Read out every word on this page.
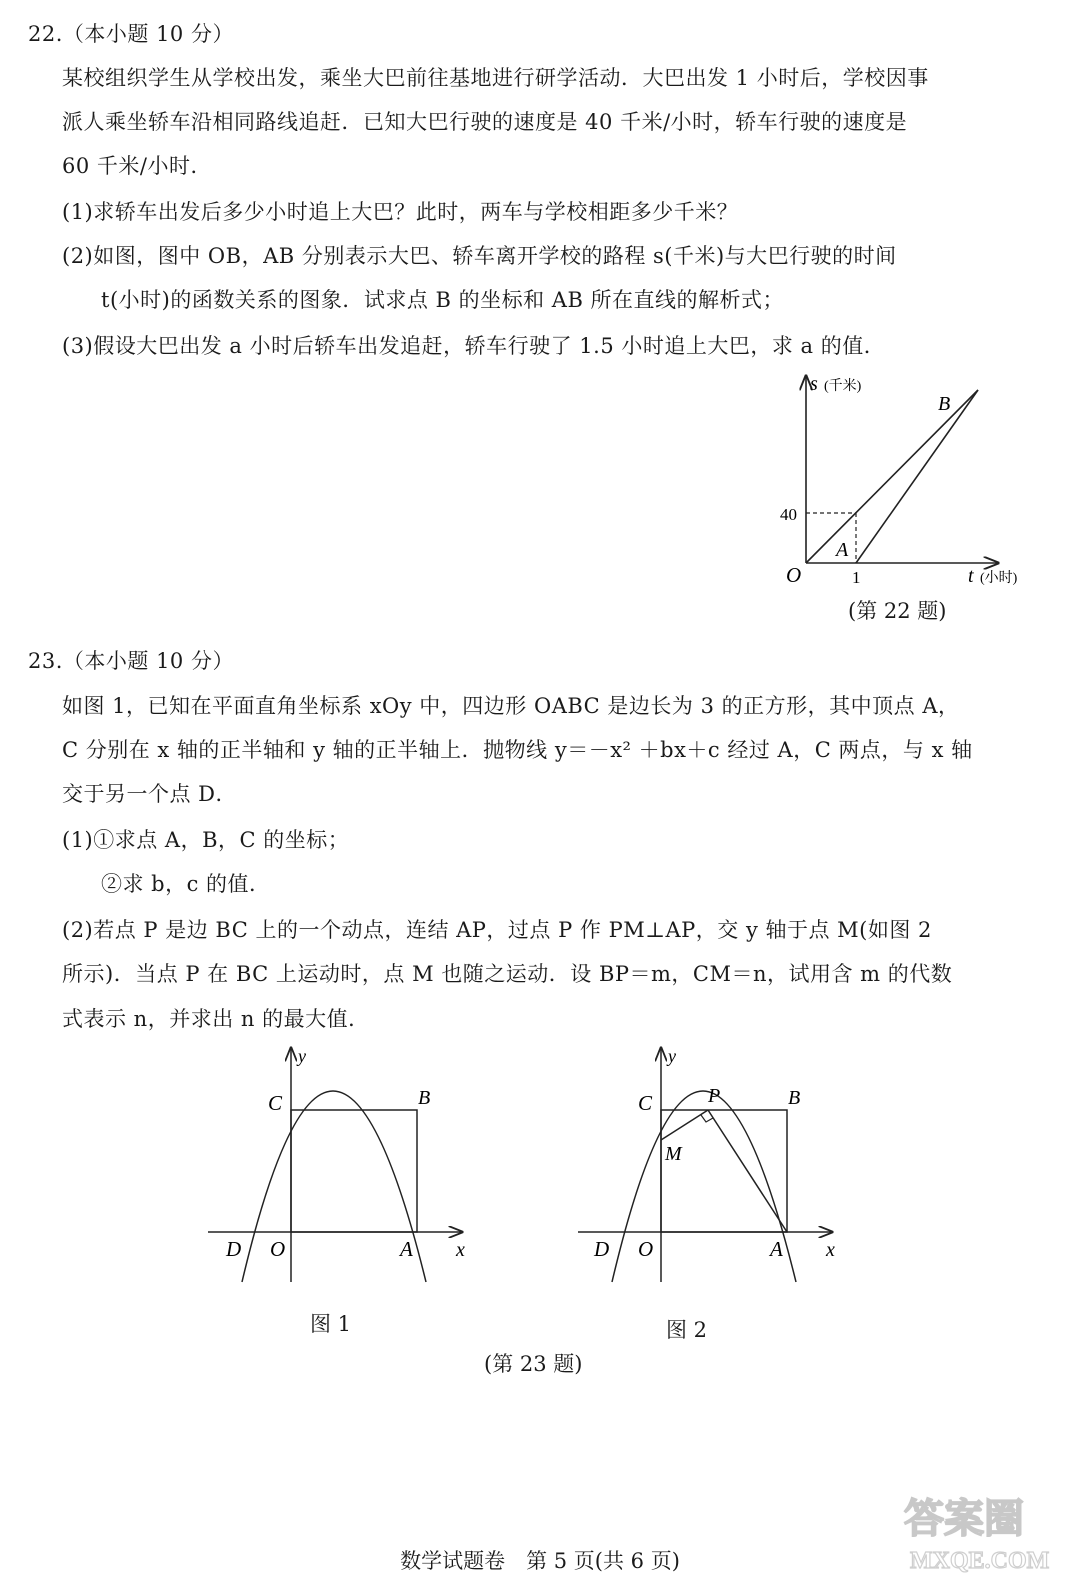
22.（本小题 10 分）
某校组织学生从学校出发，乘坐大巴前往基地进行研学活动．大巴出发 1 小时后，学校因事
派人乘坐轿车沿相同路线追赶．已知大巴行驶的速度是 40 千米/小时，轿车行驶的速度是
60 千米/小时．
(1)求轿车出发后多少小时追上大巴？此时，两车与学校相距多少千米？
(2)如图，图中 OB，AB 分别表示大巴、轿车离开学校的路程 s(千米)与大巴行驶的时间
t(小时)的函数关系的图象．试求点 B 的坐标和 AB 所在直线的解析式；
(3)假设大巴出发 a 小时后轿车出发追赶，轿车行驶了 1.5 小时追上大巴，求 a 的值．
s (千米)
B
40
A
O	1	t (小时)
(第 22 题)
23.（本小题 10 分）
如图 1，已知在平面直角坐标系 xOy 中，四边形 OABC 是边长为 3 的正方形，其中顶点 A，
C 分别在 x 轴的正半轴和 y 轴的正半轴上．抛物线 y＝－x² ＋bx＋c 经过 A，C 两点，与 x 轴
交于另一个点 D．
(1)①求点 A，B，C 的坐标；
②求 b，c 的值．
(2)若点 P 是边 BC 上的一个动点，连结 AP，过点 P 作 PM⊥AP，交 y 轴于点 M(如图 2
所示)．当点 P 在 BC 上运动时，点 M 也随之运动．设 BP＝m，CM＝n，试用含 m 的代数
式表示 n，并求出 n 的最大值．
y
C	B
D O	A x
图 1
y
C	P	B
M
D O	A x
图 2
(第 23 题)
数学试题卷　第 5 页(共 6 页)
答案圈
MXQE.COM
